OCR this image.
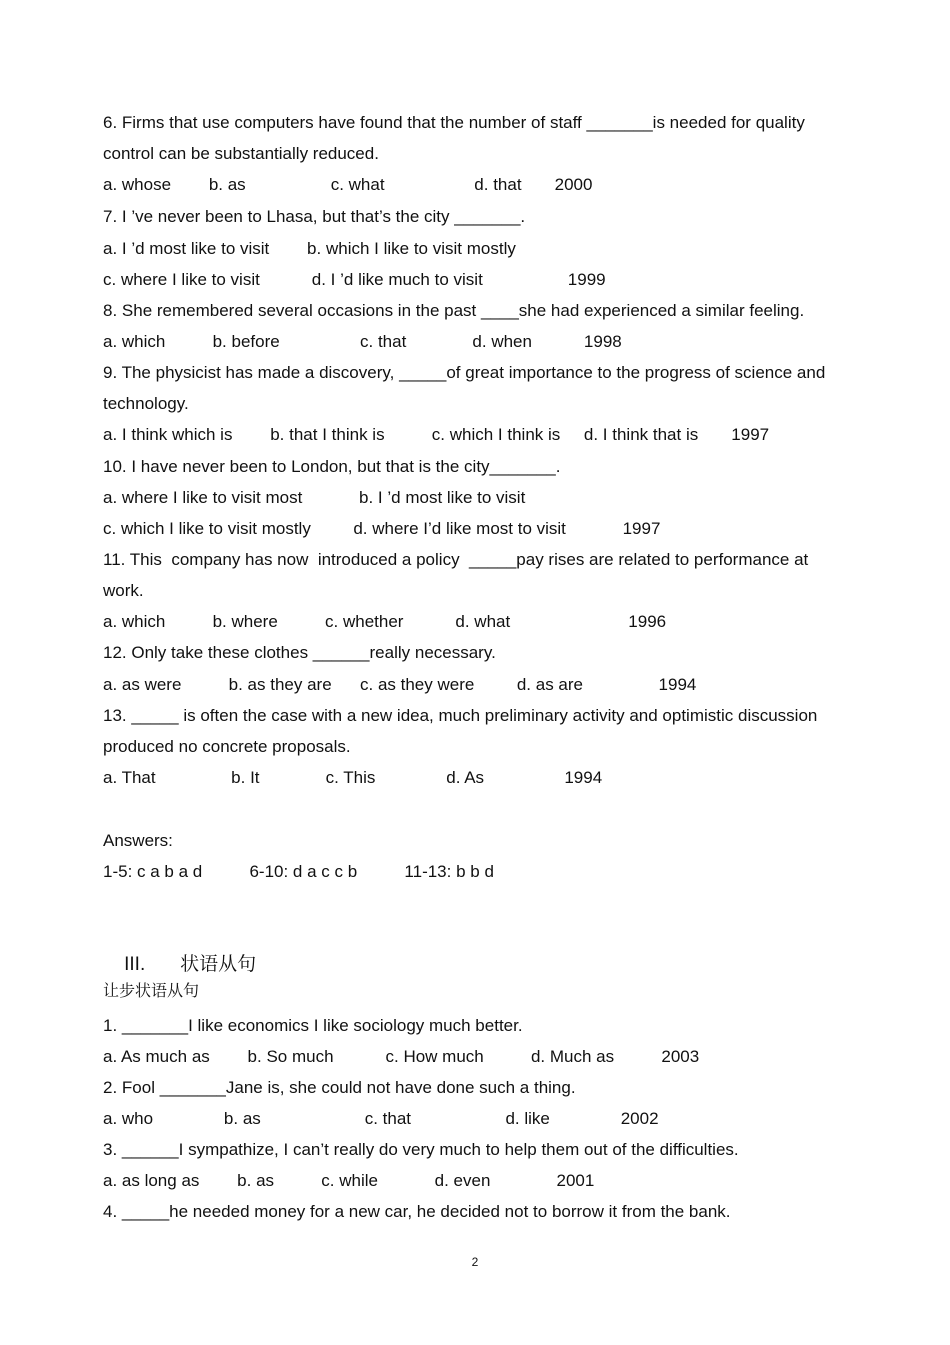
6. Firms that use computers have found that the number of staff _______is needed for quality

control can be substantially reduced.

a. whose        b. as                  c. what                   d. that       2000

7. I ’ve never been to Lhasa, but that’s the city _______.

a. I ’d most like to visit        b. which I like to visit mostly

c. where I like to visit           d. I ’d like much to visit                  1999

8. She remembered several occasions in the past ____she had experienced a similar feeling.

a. which          b. before                 c. that              d. when           1998

9. The physicist has made a discovery, _____of great importance to the progress of science and

technology.

a. I think which is        b. that I think is          c. which I think is     d. I think that is       1997

10. I have never been to London, but that is the city_______.

a. where I like to visit most            b. I ’d most like to visit

c. which I like to visit mostly         d. where I’d like most to visit            1997

11. This  company has now  introduced a policy  _____pay rises are related to performance at

work.

a. which          b. where          c. whether           d. what                         1996

12. Only take these clothes ______really necessary.

a. as were          b. as they are      c. as they were         d. as are                1994

13. _____ is often the case with a new idea, much preliminary activity and optimistic discussion

produced no concrete proposals.

a. That                b. It              c. This               d. As                 1994

Answers:

1-5: c a b a d          6-10: d a c c b          11-13: b b d

III. 状语从句

让步状语从句

1. _______I like economics I like sociology much better.

a. As much as        b. So much           c. How much          d. Much as          2003

2. Fool _______Jane is, she could not have done such a thing.

a. who               b. as                      c. that                    d. like               2002

3. ______I sympathize, I can’t really do very much to help them out of the difficulties.

a. as long as        b. as          c. while            d. even              2001

4. _____he needed money for a new car, he decided not to borrow it from the bank.

2
